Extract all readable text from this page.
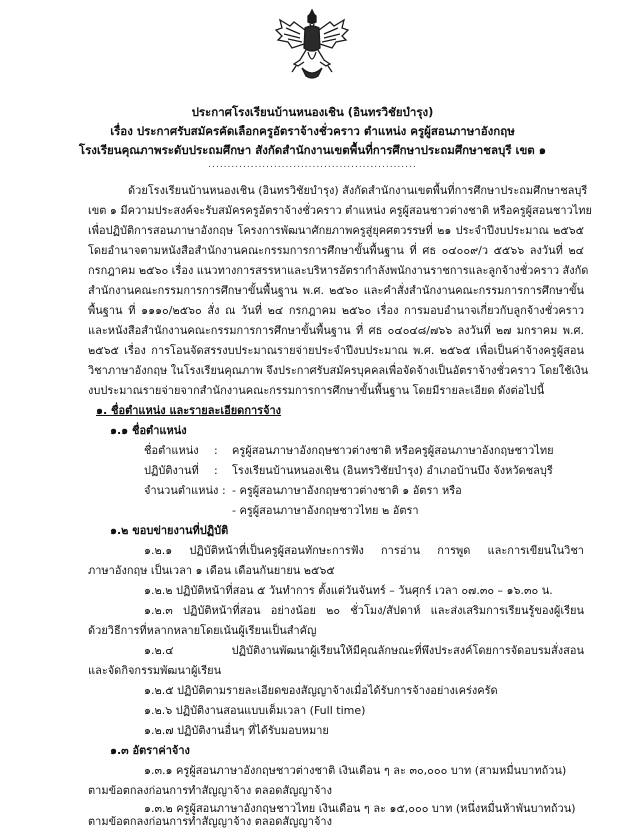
ประกาศโรงเรียนบ้านหนองเชิน (อินทรวิชัยบำรุง)
เรื่อง ประกาศรับสมัครคัดเลือกครูอัตราจ้างชั่วคราว ตำแหน่ง ครูผู้สอนภาษาอังกฤษ
โรงเรียนคุณภาพระดับประถมศึกษา สังกัดสำนักงานเขตพื้นที่การศึกษาประถมศึกษาชลบุรี เขต ๑
......................................................
ด้วยโรงเรียนบ้านหนองเชิน (อินทรวิชัยบำรุง) สังกัดสำนักงานเขตพื้นที่การศึกษาประถมศึกษาชลบุรี
เขต ๑ มีความประสงค์จะรับสมัครครูอัตราจ้างชั่วคราว ตำแหน่ง ครูผู้สอนชาวต่างชาติ หรือครูผู้สอนชาวไทย
เพื่อปฏิบัติการสอนภาษาอังกฤษ โครงการพัฒนาศักยภาพครูสู่ยุคศตวรรษที่ ๒๑ ประจำปีงบประมาณ ๒๕๖๕
โดยอำนาจตามหนังสือสำนักงานคณะกรรมการการศึกษาขั้นพื้นฐาน ที่ ศธ ๐๔๐๐๙/ว ๕๕๖๖ ลงวันที่ ๒๔
กรกฎาคม ๒๕๖๐ เรื่อง แนวทางการสรรหาและบริหารอัตรากำลังพนักงานราชการและลูกจ้างชั่วคราว สังกัด
สำนักงานคณะกรรมการการศึกษาขั้นพื้นฐาน พ.ศ. ๒๕๖๐ และคำสั่งสำนักงานคณะกรรมการการศึกษาขั้น
พื้นฐาน ที่ ๑๑๑๐/๒๕๖๐ สั่ง ณ วันที่ ๒๔ กรกฎาคม ๒๕๖๐ เรื่อง การมอบอำนาจเกี่ยวกับลูกจ้างชั่วคราว
และหนังสือสำนักงานคณะกรรมการการศึกษาขั้นพื้นฐาน ที่ ศธ ๐๔๐๔๘/๗๖๖ ลงวันที่ ๒๗ มกราคม พ.ศ.
๒๕๖๕ เรื่อง การโอนจัดสรรงบประมาณรายจ่ายประจำปีงบประมาณ พ.ศ. ๒๕๖๕ เพื่อเป็นค่าจ้างครูผู้สอน
วิชาภาษาอังกฤษ ในโรงเรียนคุณภาพ จึงประกาศรับสมัครบุคคลเพื่อจัดจ้างเป็นอัตราจ้างชั่วคราว โดยใช้เงิน
งบประมาณรายจ่ายจากสำนักงานคณะกรรมการการศึกษาขั้นพื้นฐาน โดยมีรายละเอียด ดังต่อไปนี้
๑. ชื่อตำแหน่ง และรายละเอียดการจ้าง
๑.๑ ชื่อตำแหน่ง
ชื่อตำแหน่ง : ครูผู้สอนภาษาอังกฤษชาวต่างชาติ หรือครูผู้สอนภาษาอังกฤษชาวไทย
ปฏิบัติงานที่ : โรงเรียนบ้านหนองเชิน (อินทรวิชัยบำรุง) อำเภอบ้านบึง จังหวัดชลบุรี
จำนวนตำแหน่ง : - ครูผู้สอนภาษาอังกฤษชาวต่างชาติ ๑ อัตรา หรือ
- ครูผู้สอนภาษาอังกฤษชาวไทย ๒ อัตรา
๑.๒ ขอบข่ายงานที่ปฏิบัติ
๑.๒.๑ ปฏิบัติหน้าที่เป็นครูผู้สอนทักษะการฟัง การอ่าน การพูด และการเขียนในวิชา
ภาษาอังกฤษ เป็นเวลา ๑ เดือน เดือนกันยายน ๒๕๖๕
๑.๒.๒ ปฏิบัติหน้าที่สอน ๕ วันทำการ ตั้งแต่วันจันทร์ – วันศุกร์ เวลา ๐๗.๓๐ – ๑๖.๓๐ น.
๑.๒.๓ ปฏิบัติหน้าที่สอน อย่างน้อย ๒๐ ชั่วโมง/สัปดาห์ และส่งเสริมการเรียนรู้ของผู้เรียน
ด้วยวิธีการที่หลากหลายโดยเน้นผู้เรียนเป็นสำคัญ
๑.๒.๔ ปฏิบัติงานพัฒนาผู้เรียนให้มีคุณลักษณะที่พึงประสงค์โดยการจัดอบรมสั่งสอน
และจัดกิจกรรมพัฒนาผู้เรียน
๑.๒.๕ ปฏิบัติตามรายละเอียดของสัญญาจ้างเมื่อได้รับการจ้างอย่างเคร่งครัด
๑.๒.๖ ปฏิบัติงานสอนแบบเต็มเวลา (Full time)
๑.๒.๗ ปฏิบัติงานอื่นๆ ที่ได้รับมอบหมาย
๑.๓ อัตราค่าจ้าง
๑.๓.๑ ครูผู้สอนภาษาอังกฤษชาวต่างชาติ เงินเดือน ๆ ละ ๓๐,๐๐๐ บาท (สามหมื่นบาทถ้วน)
ตามข้อตกลงก่อนการทำสัญญาจ้าง ตลอดสัญญาจ้าง
๑.๓.๒ ครูผู้สอนภาษาอังกฤษชาวไทย เงินเดือน ๆ ละ ๑๕,๐๐๐ บาท (หนึ่งหมื่นห้าพันบาทถ้วน)
ตามข้อตกลงก่อนการทำสัญญาจ้าง ตลอดสัญญาจ้าง
